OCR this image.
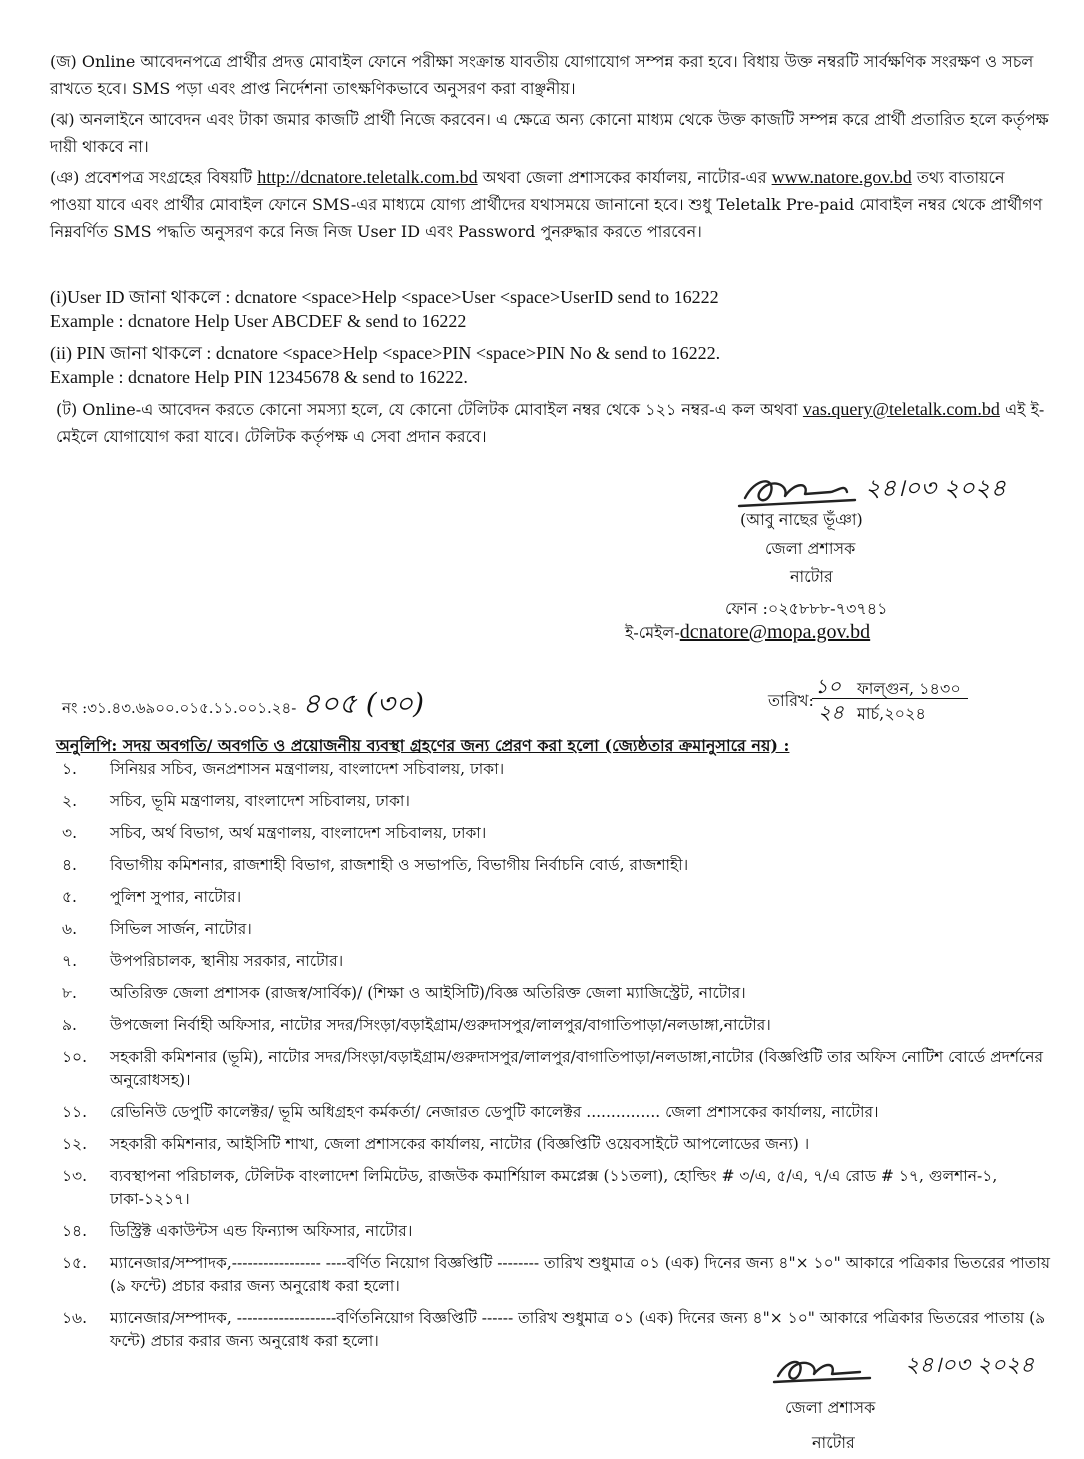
(জ) Online আবেদনপত্রে প্রার্থীর প্রদত্ত মোবাইল ফোনে পরীক্ষা সংক্রান্ত যাবতীয় যোগাযোগ সম্পন্ন করা হবে। বিধায় উক্ত নম্বরটি সার্বক্ষণিক সংরক্ষণ ও সচল রাখতে হবে। SMS পড়া এবং প্রাপ্ত নির্দেশনা তাৎক্ষণিকভাবে অনুসরণ করা বাঞ্ছনীয়।
(ঝ) অনলাইনে আবেদন এবং টাকা জমার কাজটি প্রার্থী নিজে করবেন। এ ক্ষেত্রে অন্য কোনো মাধ্যম থেকে উক্ত কাজটি সম্পন্ন করে প্রার্থী প্রতারিত হলে কর্তৃপক্ষ দায়ী থাকবে না।
(ঞ) প্রবেশপত্র সংগ্রহের বিষয়টি http://dcnatore.teletalk.com.bd অথবা জেলা প্রশাসকের কার্যালয়, নাটোর-এর www.natore.gov.bd তথ্য বাতায়নে পাওয়া যাবে এবং প্রার্থীর মোবাইল ফোনে SMS-এর মাধ্যমে যোগ্য প্রার্থীদের যথাসময়ে জানানো হবে। শুধু Teletalk Pre-paid মোবাইল নম্বর থেকে প্রার্থীগণ নিম্নবর্ণিত SMS পদ্ধতি অনুসরণ করে নিজ নিজ User ID এবং Password পুনরুদ্ধার করতে পারবেন।
(i)User ID জানা থাকলে : dcnatore <space>Help <space>User <space>UserID send to 16222
Example : dcnatore Help User ABCDEF & send to 16222
(ii) PIN জানা থাকলে : dcnatore <space>Help <space>PIN <space>PIN No & send to 16222.
Example : dcnatore Help PIN 12345678 & send to 16222.
(ট) Online-এ আবেদন করতে কোনো সমস্যা হলে, যে কোনো টেলিটক মোবাইল নম্বর থেকে ১২১ নম্বর-এ কল অথবা vas.query@teletalk.com.bd এই ই-মেইলে যোগাযোগ করা যাবে। টেলিটক কর্তৃপক্ষ এ সেবা প্রদান করবে।
২৪।০৩ ২০২৪
(আবু নাছের ভূঁঞা)
জেলা প্রশাসক
নাটোর
ফোন :০২৫৮৮৮-৭৩৭৪১
ই-মেইল-dcnatore@mopa.gov.bd
নং :৩১.৪৩.৬৯০০.০১৫.১১.০০১.২৪- ৪০৫ (৩০)	তারিখ:
১০ ফাল্গুন, ১৪৩০
২৪ মার্চ,২০২৪
অনুলিপি: সদয় অবগতি/ অবগতি ও প্রয়োজনীয় ব্যবস্থা গ্রহণের জন্য প্রেরণ করা হলো (জ্যেষ্ঠতার ক্রমানুসারে নয়) :
১.	সিনিয়র সচিব, জনপ্রশাসন মন্ত্রণালয়, বাংলাদেশ সচিবালয়, ঢাকা।
২.	সচিব, ভূমি মন্ত্রণালয়, বাংলাদেশ সচিবালয়, ঢাকা।
৩.	সচিব, অর্থ বিভাগ, অর্থ মন্ত্রণালয়, বাংলাদেশ সচিবালয়, ঢাকা।
৪.	বিভাগীয় কমিশনার, রাজশাহী বিভাগ, রাজশাহী ও সভাপতি, বিভাগীয় নির্বাচনি বোর্ড, রাজশাহী।
৫.	পুলিশ সুপার, নাটোর।
৬.	সিভিল সার্জন, নাটোর।
৭.	উপপরিচালক, স্থানীয় সরকার, নাটোর।
৮.	অতিরিক্ত জেলা প্রশাসক (রাজস্ব/সার্বিক)/ (শিক্ষা ও আইসিটি)/বিজ্ঞ অতিরিক্ত জেলা ম্যাজিস্ট্রেট, নাটোর।
৯.	উপজেলা নির্বাহী অফিসার, নাটোর সদর/সিংড়া/বড়াইগ্রাম/গুরুদাসপুর/লালপুর/বাগাতিপাড়া/নলডাঙ্গা,নাটোর।
১০.	সহকারী কমিশনার (ভূমি), নাটোর সদর/সিংড়া/বড়াইগ্রাম/গুরুদাসপুর/লালপুর/বাগাতিপাড়া/নলডাঙ্গা,নাটোর (বিজ্ঞপ্তিটি তার অফিস নোটিশ বোর্ডে প্রদর্শনের অনুরোধসহ)।
১১.	রেভিনিউ ডেপুটি কালেক্টর/ ভূমি অধিগ্রহণ কর্মকর্তা/ নেজারত ডেপুটি কালেক্টর ............... জেলা প্রশাসকের কার্যালয়, নাটোর।
১২.	সহকারী কমিশনার, আইসিটি শাখা, জেলা প্রশাসকের কার্যালয়, নাটোর (বিজ্ঞপ্তিটি ওয়েবসাইটে আপলোডের জন্য) ।
১৩.	ব্যবস্থাপনা পরিচালক, টেলিটক বাংলাদেশ লিমিটেড, রাজউক কমার্শিয়াল কমপ্লেক্স (১১তলা), হোল্ডিং # ৩/এ, ৫/এ, ৭/এ রোড # ১৭, গুলশান-১, ঢাকা-১২১৭।
১৪.	ডিস্ট্রিক্ট একাউন্টস এন্ড ফিন্যান্স অফিসার, নাটোর।
১৫.	ম্যানেজার/সম্পাদক,----------------- ----বর্ণিত নিয়োগ বিজ্ঞপ্তিটি -------- তারিখ শুধুমাত্র ০১ (এক) দিনের জন্য ৪"× ১০" আকারে পত্রিকার ভিতরের পাতায় (৯ ফন্টে) প্রচার করার জন্য অনুরোধ করা হলো।
১৬.	ম্যানেজার/সম্পাদক, -------------------বর্ণিতনিয়োগ বিজ্ঞপ্তিটি ------ তারিখ শুধুমাত্র ০১ (এক) দিনের জন্য ৪"× ১০" আকারে পত্রিকার ভিতরের পাতায় (৯ ফন্টে) প্রচার করার জন্য অনুরোধ করা হলো।
২৪।০৩ ২০২৪
জেলা প্রশাসক
নাটোর
